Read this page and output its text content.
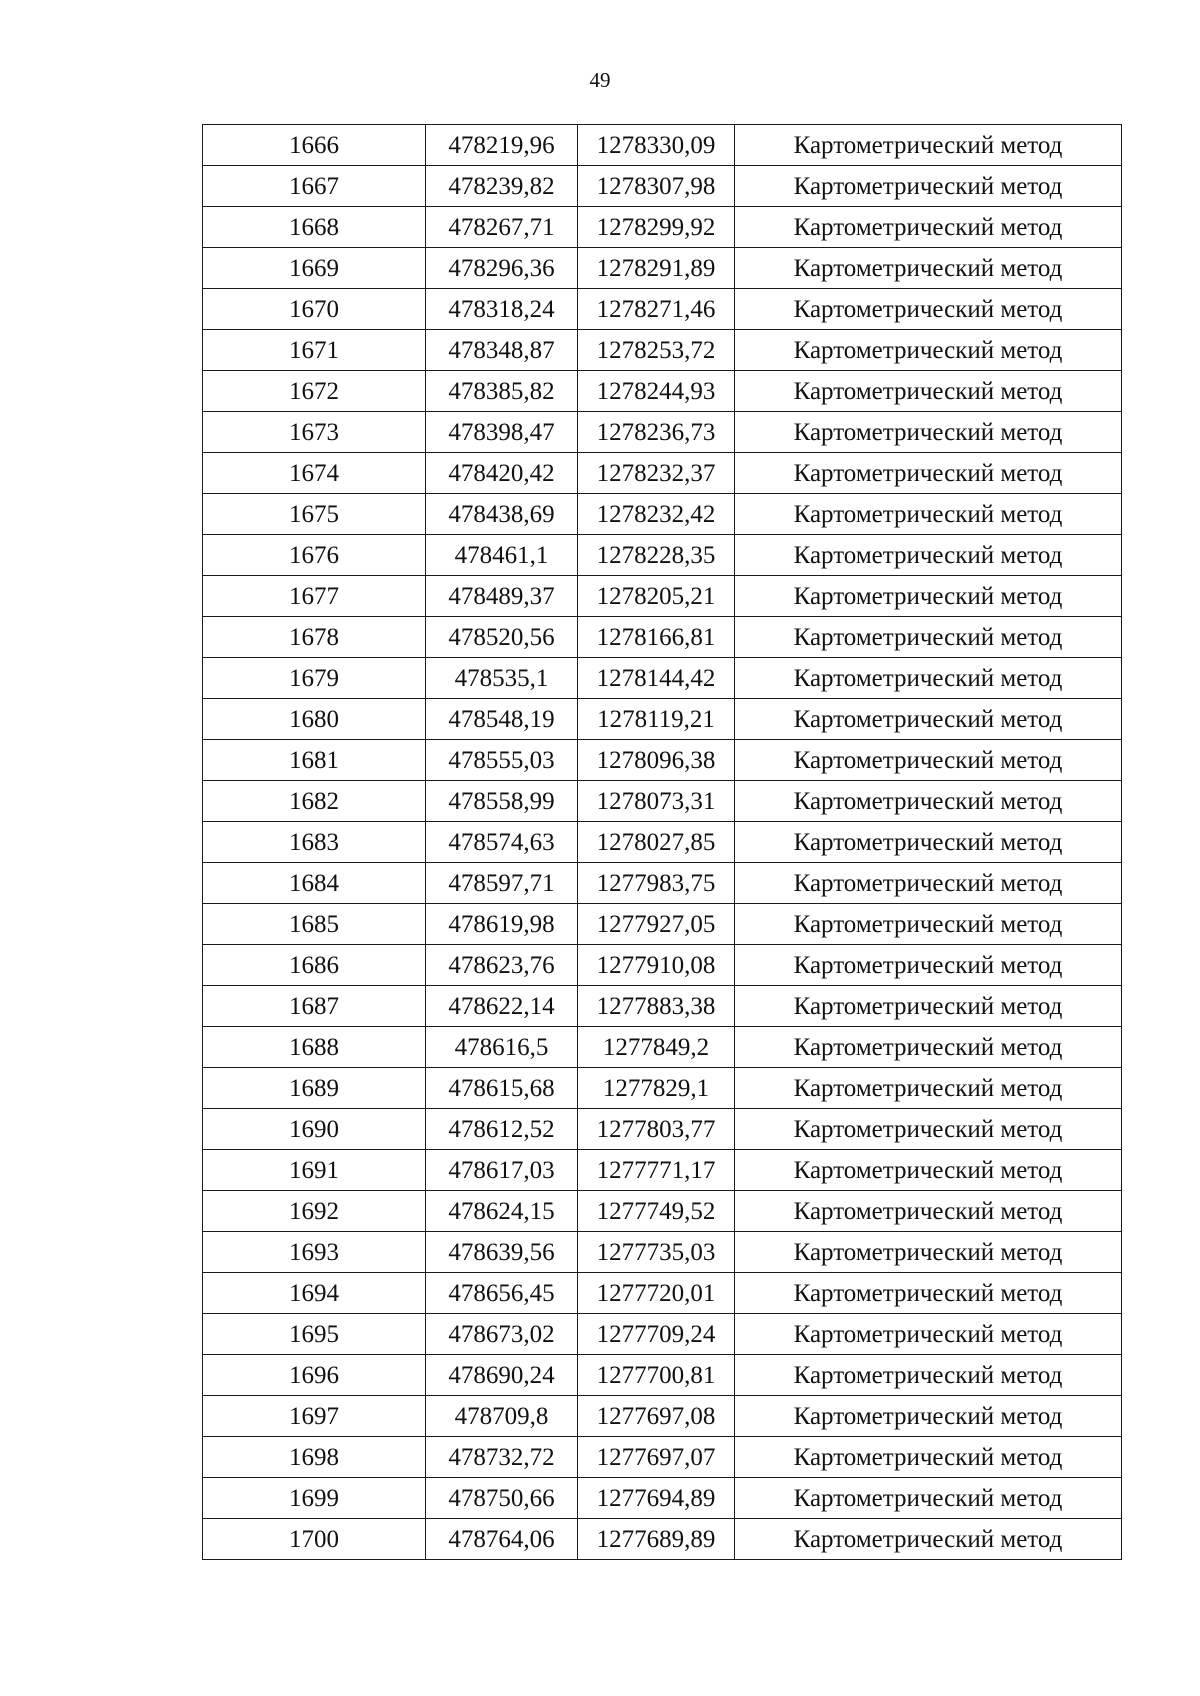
49
1666	478219,96	1278330,09	Картометрический метод
1667	478239,82	1278307,98	Картометрический метод
1668	478267,71	1278299,92	Картометрический метод
1669	478296,36	1278291,89	Картометрический метод
1670	478318,24	1278271,46	Картометрический метод
1671	478348,87	1278253,72	Картометрический метод
1672	478385,82	1278244,93	Картометрический метод
1673	478398,47	1278236,73	Картометрический метод
1674	478420,42	1278232,37	Картометрический метод
1675	478438,69	1278232,42	Картометрический метод
1676	478461,1	1278228,35	Картометрический метод
1677	478489,37	1278205,21	Картометрический метод
1678	478520,56	1278166,81	Картометрический метод
1679	478535,1	1278144,42	Картометрический метод
1680	478548,19	1278119,21	Картометрический метод
1681	478555,03	1278096,38	Картометрический метод
1682	478558,99	1278073,31	Картометрический метод
1683	478574,63	1278027,85	Картометрический метод
1684	478597,71	1277983,75	Картометрический метод
1685	478619,98	1277927,05	Картометрический метод
1686	478623,76	1277910,08	Картометрический метод
1687	478622,14	1277883,38	Картометрический метод
1688	478616,5	1277849,2	Картометрический метод
1689	478615,68	1277829,1	Картометрический метод
1690	478612,52	1277803,77	Картометрический метод
1691	478617,03	1277771,17	Картометрический метод
1692	478624,15	1277749,52	Картометрический метод
1693	478639,56	1277735,03	Картометрический метод
1694	478656,45	1277720,01	Картометрический метод
1695	478673,02	1277709,24	Картометрический метод
1696	478690,24	1277700,81	Картометрический метод
1697	478709,8	1277697,08	Картометрический метод
1698	478732,72	1277697,07	Картометрический метод
1699	478750,66	1277694,89	Картометрический метод
1700	478764,06	1277689,89	Картометрический метод
